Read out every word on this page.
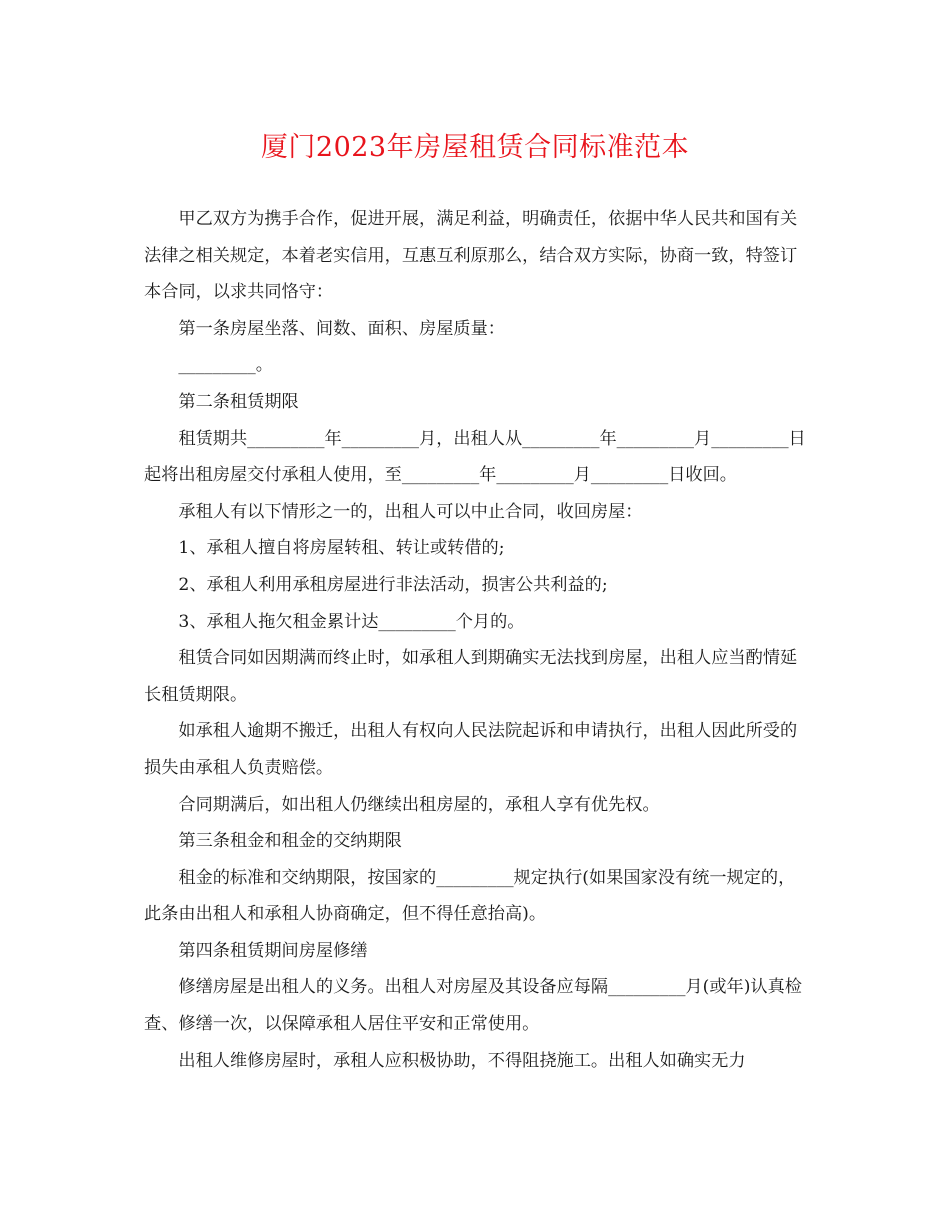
厦门2023年房屋租赁合同标准范本

甲乙双方为携手合作，促进开展，满足利益，明确责任，依据中华人民共和国有关法律之相关规定，本着老实信用，互惠互利原那么，结合双方实际，协商一致，特签订本合同，以求共同恪守：

第一条房屋坐落、间数、面积、房屋质量：

_________。

第二条租赁期限

租赁期共_________年_________月，出租人从_________年_________月_________日起将出租房屋交付承租人使用，至_________年_________月_________日收回。

承租人有以下情形之一的，出租人可以中止合同，收回房屋：

1、承租人擅自将房屋转租、转让或转借的;

2、承租人利用承租房屋进行非法活动，损害公共利益的;

3、承租人拖欠租金累计达_________个月的。

租赁合同如因期满而终止时，如承租人到期确实无法找到房屋，出租人应当酌情延长租赁期限。

如承租人逾期不搬迁，出租人有权向人民法院起诉和申请执行，出租人因此所受的损失由承租人负责赔偿。

合同期满后，如出租人仍继续出租房屋的，承租人享有优先权。

第三条租金和租金的交纳期限

租金的标准和交纳期限，按国家的_________规定执行(如果国家没有统一规定的，此条由出租人和承租人协商确定，但不得任意抬高)。

第四条租赁期间房屋修缮

修缮房屋是出租人的义务。出租人对房屋及其设备应每隔_________月(或年)认真检查、修缮一次，以保障承租人居住平安和正常使用。

出租人维修房屋时，承租人应积极协助，不得阻挠施工。出租人如确实无力
